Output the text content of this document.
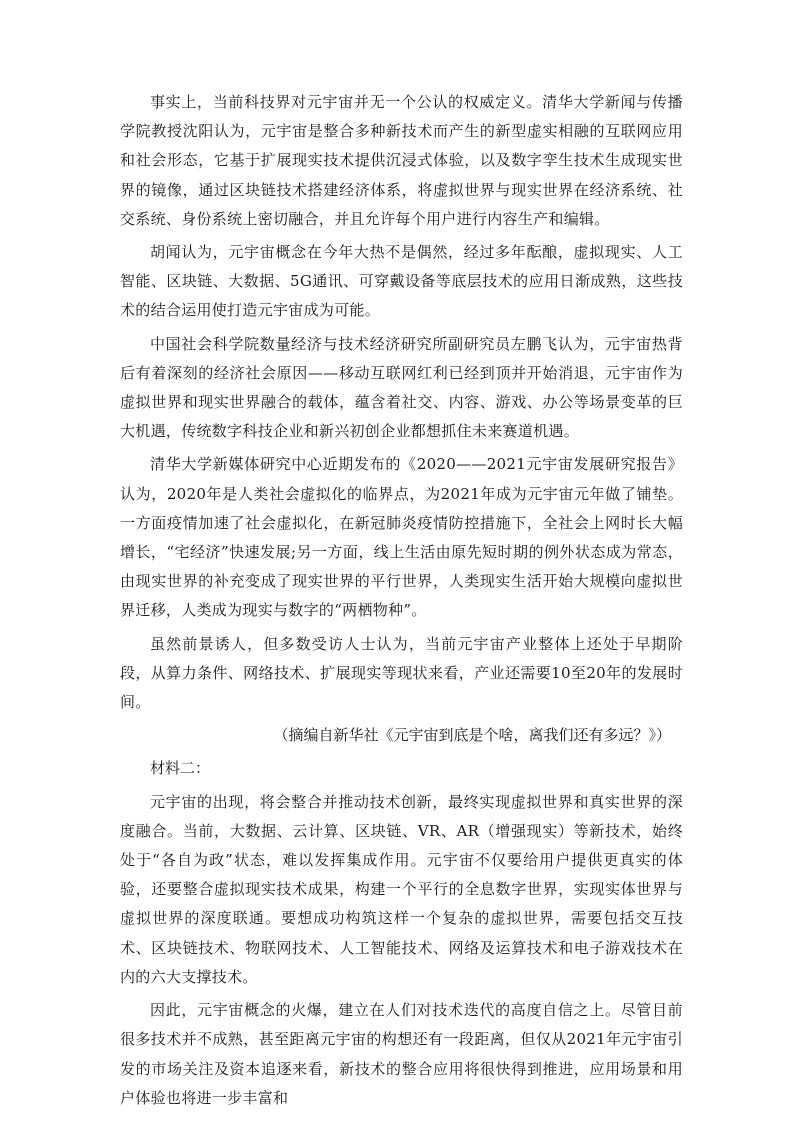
事实上，当前科技界对元宇宙并无一个公认的权威定义。清华大学新闻与传播学院教授沈阳认为，元宇宙是整合多种新技术而产生的新型虚实相融的互联网应用和社会形态，它基于扩展现实技术提供沉浸式体验，以及数字孪生技术生成现实世界的镜像，通过区块链技术搭建经济体系，将虚拟世界与现实世界在经济系统、社交系统、身份系统上密切融合，并且允许每个用户进行内容生产和编辑。

胡闻认为，元宇宙概念在今年大热不是偶然，经过多年酝酿，虚拟现实、人工智能、区块链、大数据、5G通讯、可穿戴设备等底层技术的应用日渐成熟，这些技术的结合运用使打造元宇宙成为可能。

中国社会科学院数量经济与技术经济研究所副研究员左鹏飞认为，元宇宙热背后有着深刻的经济社会原因——移动互联网红利已经到顶并开始消退，元宇宙作为虚拟世界和现实世界融合的载体，蕴含着社交、内容、游戏、办公等场景变革的巨大机遇，传统数字科技企业和新兴初创企业都想抓住未来赛道机遇。

清华大学新媒体研究中心近期发布的《2020——2021元宇宙发展研究报告》认为，2020年是人类社会虚拟化的临界点，为2021年成为元宇宙元年做了铺垫。一方面疫情加速了社会虚拟化，在新冠肺炎疫情防控措施下，全社会上网时长大幅增长，“宅经济”快速发展;另一方面，线上生活由原先短时期的例外状态成为常态，由现实世界的补充变成了现实世界的平行世界，人类现实生活开始大规模向虚拟世界迁移，人类成为现实与数字的“两栖物种”。

虽然前景诱人，但多数受访人士认为，当前元宇宙产业整体上还处于早期阶段，从算力条件、网络技术、扩展现实等现状来看，产业还需要10至20年的发展时间。

（摘编自新华社《元宇宙到底是个啥，离我们还有多远？》）

材料二：

元宇宙的出现，将会整合并推动技术创新，最终实现虚拟世界和真实世界的深度融合。当前，大数据、云计算、区块链、VR、AR（增强现实）等新技术，始终处于“各自为政”状态，难以发挥集成作用。元宇宙不仅要给用户提供更真实的体验，还要整合虚拟现实技术成果，构建一个平行的全息数字世界，实现实体世界与虚拟世界的深度联通。要想成功构筑这样一个复杂的虚拟世界，需要包括交互技术、区块链技术、物联网技术、人工智能技术、网络及运算技术和电子游戏技术在内的六大支撑技术。

因此，元宇宙概念的火爆，建立在人们对技术迭代的高度自信之上。尽管目前很多技术并不成熟，甚至距离元宇宙的构想还有一段距离，但仅从2021年元宇宙引发的市场关注及资本追逐来看，新技术的整合应用将很快得到推进，应用场景和用户体验也将进一步丰富和
